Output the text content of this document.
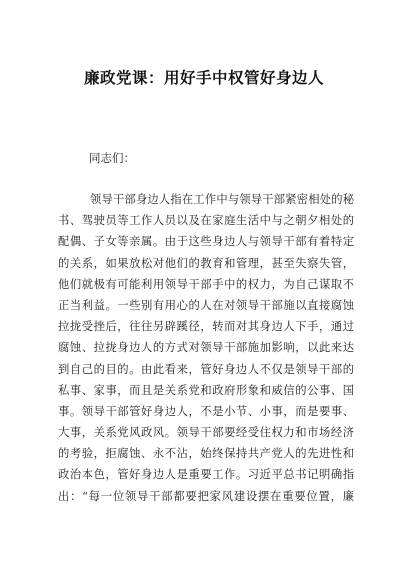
廉政党课：用好手中权管好身边人
同志们：
领导干部身边人指在工作中与领导干部紧密相处的秘
书、驾驶员等工作人员以及在家庭生活中与之朝夕相处的
配偶、子女等亲属。由于这些身边人与领导干部有着特定
的关系，如果放松对他们的教育和管理，甚至失察失管，
他们就极有可能利用领导干部手中的权力，为自己谋取不
正当利益。一些别有用心的人在对领导干部施以直接腐蚀
拉拢受挫后，往往另辟蹊径，转而对其身边人下手，通过
腐蚀、拉拢身边人的方式对领导干部施加影响，以此来达
到自己的目的。由此看来，管好身边人不仅是领导干部的
私事、家事，而且是关系党和政府形象和威信的公事、国
事。领导干部管好身边人，不是小节、小事，而是要事、
大事，关系党风政风。领导干部要经受住权力和市场经济
的考验，拒腐蚀、永不沾，始终保持共产党人的先进性和
政治本色，管好身边人是重要工作。习近平总书记明确指
出：“每一位领导干部都要把家风建设摆在重要位置，廉
